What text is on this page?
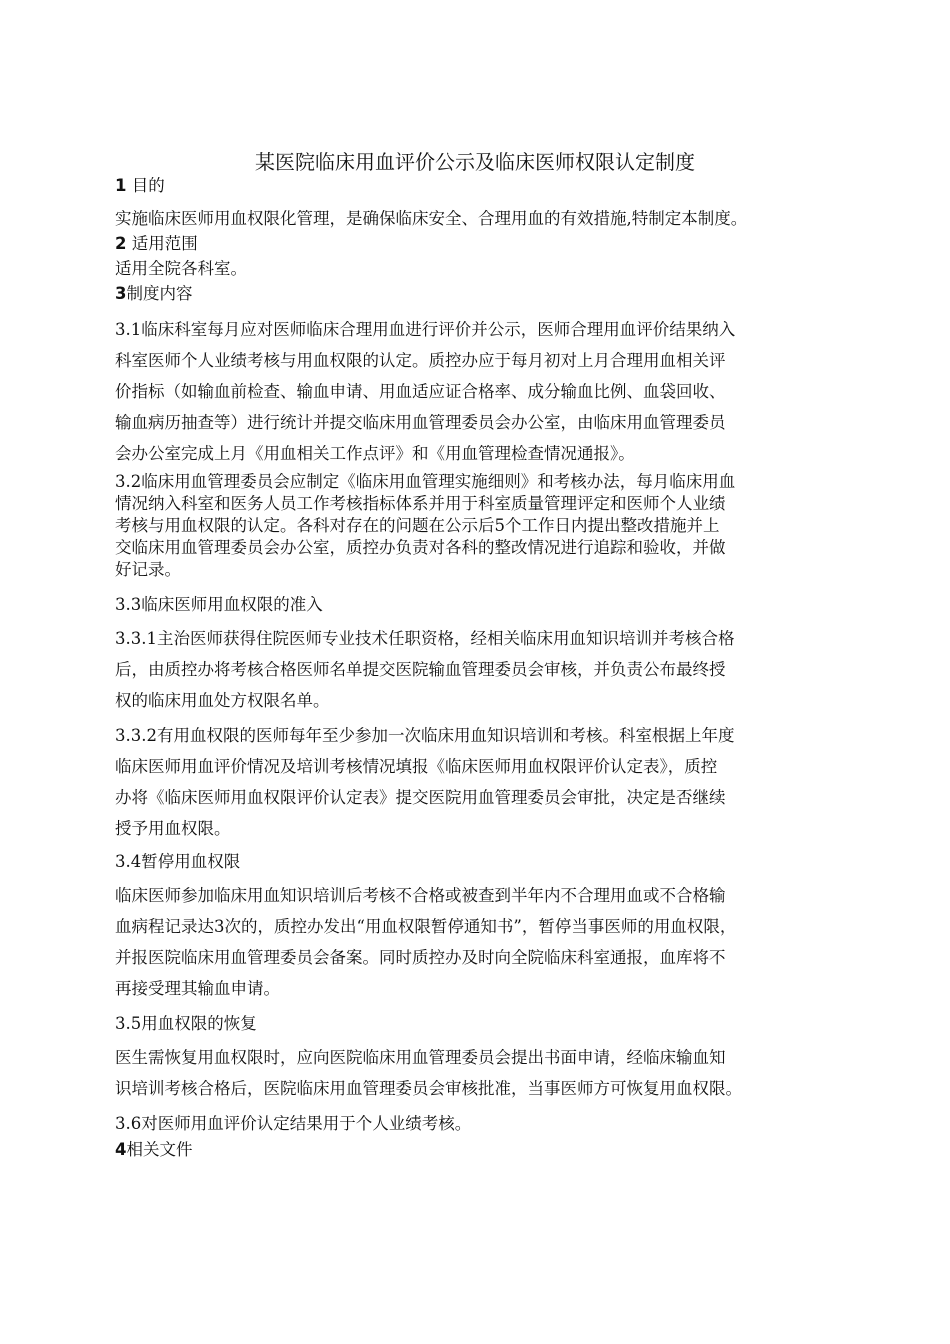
某医院临床用血评价公示及临床医师权限认定制度
1 目的
实施临床医师用血权限化管理，是确保临床安全、合理用血的有效措施,特制定本制度。
2 适用范围
适用全院各科室。
3制度内容
3.1临床科室每月应对医师临床合理用血进行评价并公示，医师合理用血评价结果纳入
科室医师个人业绩考核与用血权限的认定。质控办应于每月初对上月合理用血相关评
价指标（如输血前检查、输血申请、用血适应证合格率、成分输血比例、血袋回收、
输血病历抽查等）进行统计并提交临床用血管理委员会办公室，由临床用血管理委员
会办公室完成上月《用血相关工作点评》和《用血管理检查情况通报》。
3.2临床用血管理委员会应制定《临床用血管理实施细则》和考核办法，每月临床用血
情况纳入科室和医务人员工作考核指标体系并用于科室质量管理评定和医师个人业绩
考核与用血权限的认定。各科对存在的问题在公示后5个工作日内提出整改措施并上
交临床用血管理委员会办公室，质控办负责对各科的整改情况进行追踪和验收，并做
好记录。
3.3临床医师用血权限的准入
3.3.1主治医师获得住院医师专业技术任职资格，经相关临床用血知识培训并考核合格
后，由质控办将考核合格医师名单提交医院输血管理委员会审核，并负责公布最终授
权的临床用血处方权限名单。
3.3.2有用血权限的医师每年至少参加一次临床用血知识培训和考核。科室根据上年度
临床医师用血评价情况及培训考核情况填报《临床医师用血权限评价认定表》，质控
办将《临床医师用血权限评价认定表》提交医院用血管理委员会审批，决定是否继续
授予用血权限。
3.4暂停用血权限
临床医师参加临床用血知识培训后考核不合格或被查到半年内不合理用血或不合格输
血病程记录达3次的，质控办发出“用血权限暂停通知书”，暂停当事医师的用血权限，
并报医院临床用血管理委员会备案。同时质控办及时向全院临床科室通报，血库将不
再接受理其输血申请。
3.5用血权限的恢复
医生需恢复用血权限时，应向医院临床用血管理委员会提出书面申请，经临床输血知
识培训考核合格后，医院临床用血管理委员会审核批准，当事医师方可恢复用血权限。
3.6对医师用血评价认定结果用于个人业绩考核。
4相关文件
